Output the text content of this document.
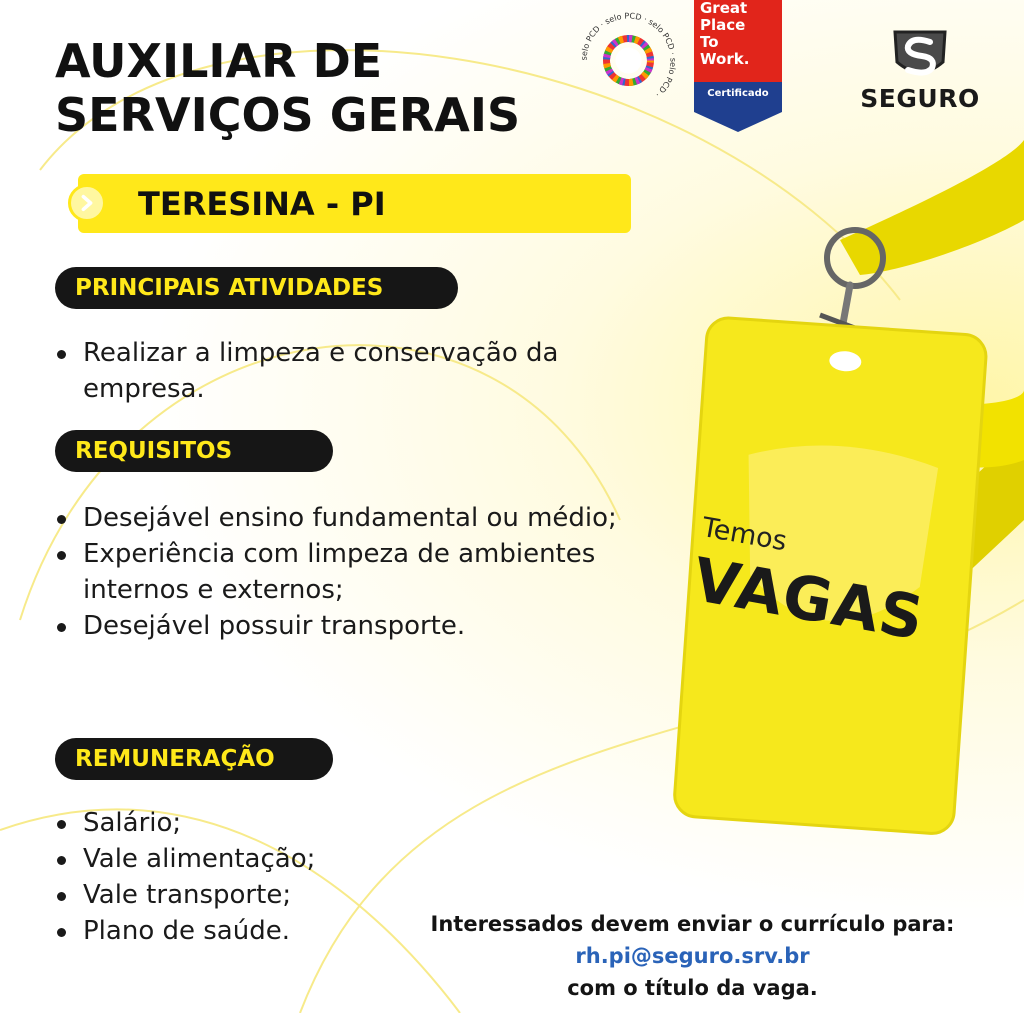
AUXILIAR DE
SERVIÇOS GERAIS
TERESINA - PI
PRINCIPAIS ATIVIDADES
Realizar a limpeza e conservação da empresa.
REQUISITOS
Desejável ensino fundamental ou médio;
Experiência com limpeza de ambientes internos e externos;
Desejável possuir transporte.
REMUNERAÇÃO
Salário;
Vale alimentação;
Vale transporte;
Plano de saúde.	Interessados devem enviar o currículo para:
rh.pi@seguro.srv.br
com o título da vaga.
selo PCD · selo PCD · selo PCD · selo PCD ·
Great
Place
To
Work.
Certificado	SEGURO
Temos
VAGAS
